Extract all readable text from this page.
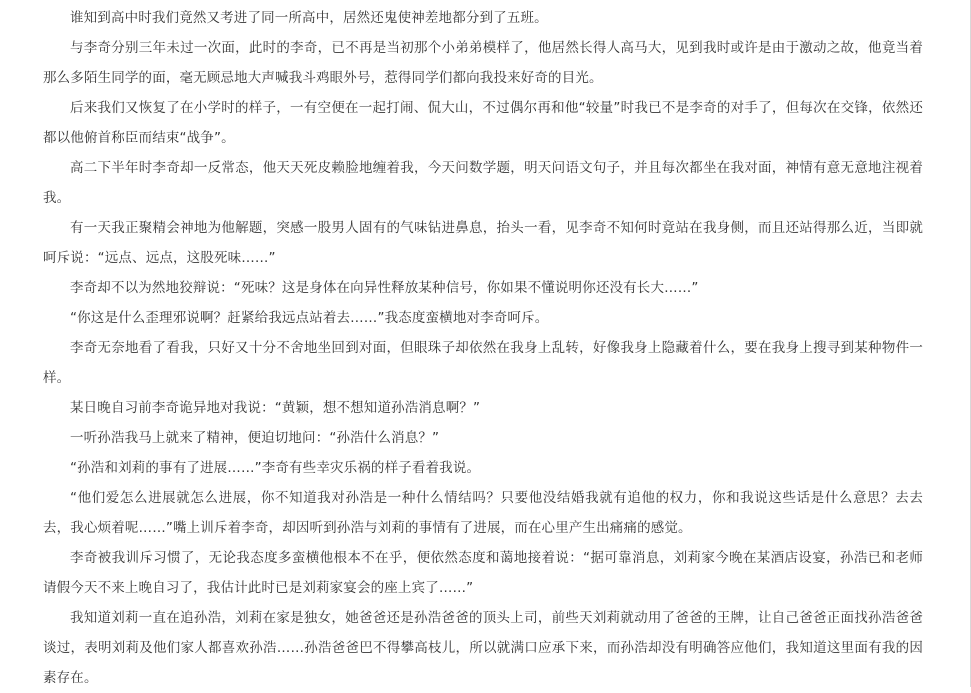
谁知到高中时我们竟然又考进了同一所高中，居然还鬼使神差地都分到了五班。

与李奇分别三年未过一次面，此时的李奇，已不再是当初那个小弟弟模样了，他居然长得人高马大，见到我时或许是由于激动之故，他竟当着那么多陌生同学的面，毫无顾忌地大声喊我斗鸡眼外号，惹得同学们都向我投来好奇的目光。

后来我们又恢复了在小学时的样子，一有空便在一起打闹、侃大山，不过偶尔再和他“较量”时我已不是李奇的对手了，但每次在交锋，依然还都以他俯首称臣而结束“战争”。

高二下半年时李奇却一反常态，他天天死皮赖脸地缠着我，今天问数学题，明天问语文句子，并且每次都坐在我对面，神情有意无意地注视着我。

有一天我正聚精会神地为他解题，突感一股男人固有的气味钻进鼻息，抬头一看，见李奇不知何时竟站在我身侧，而且还站得那么近，当即就呵斥说：“远点、远点，这股死味……”

李奇却不以为然地狡辩说：“死味？这是身体在向异性释放某种信号，你如果不懂说明你还没有长大……”

“你这是什么歪理邪说啊？赶紧给我远点站着去……”我态度蛮横地对李奇呵斥。

李奇无奈地看了看我，只好又十分不舍地坐回到对面，但眼珠子却依然在我身上乱转，好像我身上隐藏着什么，要在我身上搜寻到某种物件一样。

某日晚自习前李奇诡异地对我说：“黄颖，想不想知道孙浩消息啊？”

一听孙浩我马上就来了精神，便迫切地问：“孙浩什么消息？”

“孙浩和刘莉的事有了进展……”李奇有些幸灾乐祸的样子看着我说。

“他们爱怎么进展就怎么进展，你不知道我对孙浩是一种什么情结吗？只要他没结婚我就有追他的权力，你和我说这些话是什么意思？去去去，我心烦着呢……”嘴上训斥着李奇，却因听到孙浩与刘莉的事情有了进展，而在心里产生出痛痛的感觉。

李奇被我训斥习惯了，无论我态度多蛮横他根本不在乎，便依然态度和蔼地接着说：“据可靠消息，刘莉家今晚在某酒店设宴，孙浩已和老师请假今天不来上晚自习了，我估计此时已是刘莉家宴会的座上宾了……”

我知道刘莉一直在追孙浩，刘莉在家是独女，她爸爸还是孙浩爸爸的顶头上司，前些天刘莉就动用了爸爸的王牌，让自己爸爸正面找孙浩爸爸谈过，表明刘莉及他们家人都喜欢孙浩……孙浩爸爸巴不得攀高枝儿，所以就满口应承下来，而孙浩却没有明确答应他们，我知道这里面有我的因素存在。
